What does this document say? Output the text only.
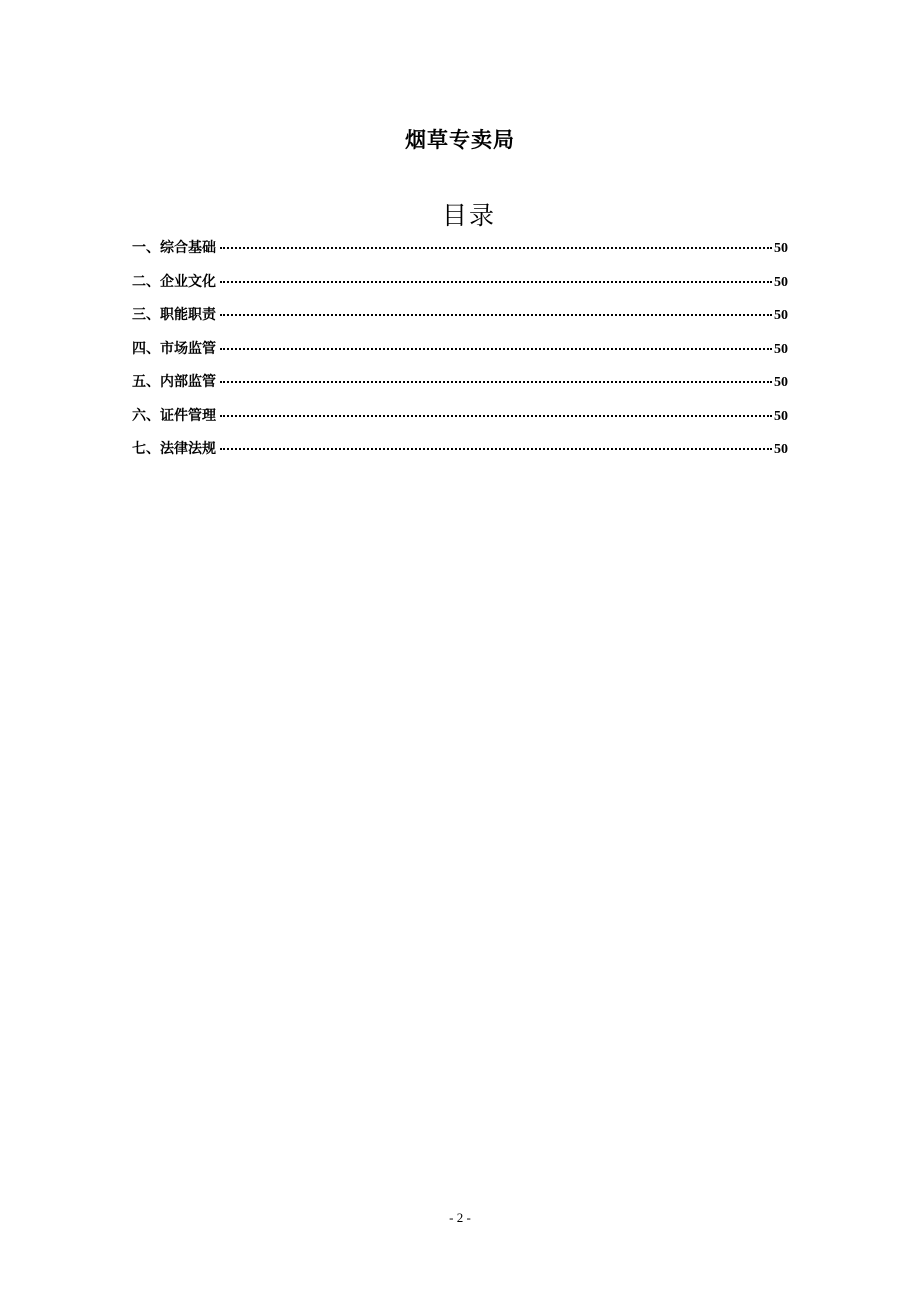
烟草专卖局
目录
一、综合基础	50
二、企业文化	50
三、职能职责	50
四、市场监管	50
五、内部监管	50
六、证件管理	50
七、法律法规	50
- 2 -
